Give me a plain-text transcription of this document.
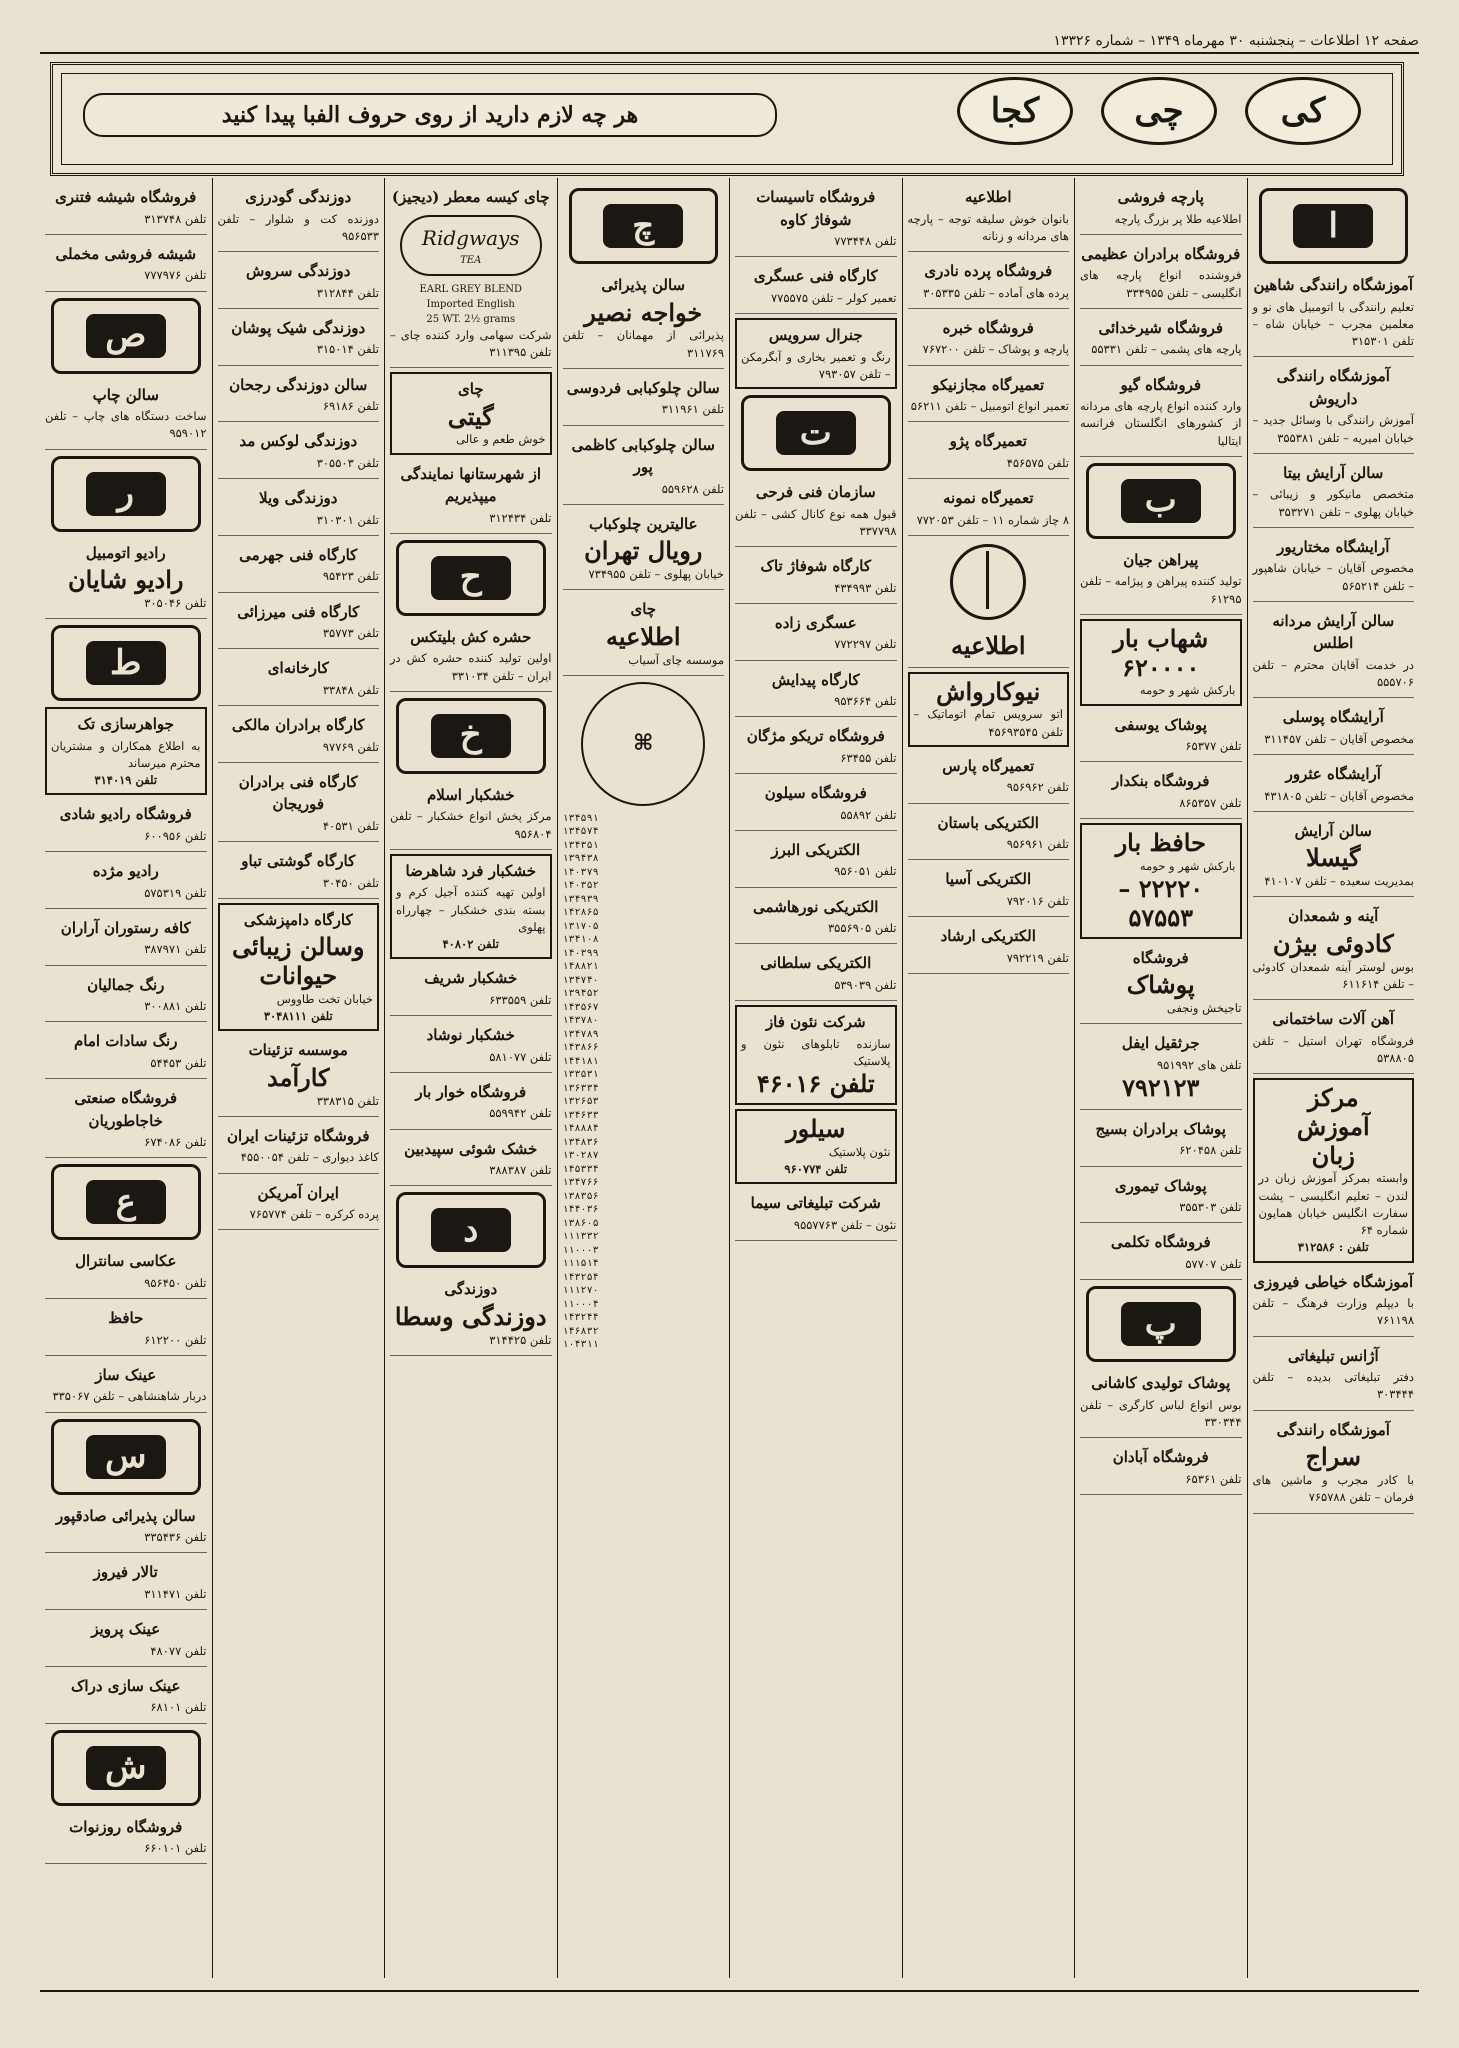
صفحه ۱۲ اطلاعات – پنجشنبه ۳۰ مهرماه ۱۳۴۹ – شماره ۱۳۳۲۶
کی
چی
کجا
هر چه لازم دارید از روی حروف الفبا پیدا کنید
ا
آموزشگاه رانندگی شاهین

تعلیم رانندگی با اتومبیل های نو و معلمین مجرب – خیابان شاه – تلفن ۳۱۵۳۰۱

آموزشگاه رانندگی داریوش

آموزش رانندگی با وسائل جدید – خیابان امیریه – تلفن ۳۵۵۳۸۱

سالن آرایش بیتا

متخصص مانیکور و زیبائی – خیابان پهلوی – تلفن ۳۵۳۲۷۱

آرایشگاه مختاریور

مخصوص آقایان – خیابان شاهپور – تلفن ۵۶۵۲۱۴

سالن آرایش مردانه اطلس

در خدمت آقایان محترم – تلفن ۵۵۵۷۰۶

آرایشگاه پوسلی

مخصوص آقایان – تلفن ۳۱۱۴۵۷

آرایشگاه عثرور

مخصوص آقایان – تلفن ۴۳۱۸۰۵

سالن آرایش
گیسلا

بمدیریت سعیده – تلفن ۴۱۰۱۰۷

آینه و شمعدان
کادوئی بیژن

بوس لوستر آینه شمعدان کادوئی – تلفن ۶۱۱۶۱۴

آهن آلات ساختمانی

فروشگاه تهران استیل – تلفن ۵۳۸۸۰۵

مرکز
آموزش
زبان

وابسته بمرکز آموزش زبان در لندن – تعلیم انگلیسی – پشت سفارت انگلیس خیابان همایون شماره ۶۴

تلفن : ۳۱۲۵۸۶
آموزشگاه خیاطی فیروزی

با دیپلم وزارت فرهنگ – تلفن ۷۶۱۱۹۸

آژانس تبلیغاتی

دفتر تبلیغاتی بدیده – تلفن ۳۰۳۴۴۴

آموزشگاه رانندگی
سراج

با کادر مجرب و ماشین های فرمان – تلفن ۷۶۵۷۸۸

پارچه فروشی

اطلاعیه طلا پر بزرگ پارچه

فروشگاه برادران عظیمی

فروشنده انواع پارچه های انگلیسی – تلفن ۳۳۴۹۵۵

فروشگاه شیرخدائی

پارچه های پشمی – تلفن ۵۵۳۳۱

فروشگاه گیو

وارد کننده انواع پارچه های مردانه از کشورهای انگلستان فرانسه ایتالیا

ب
پیراهن جیان

تولید کننده پیراهن و پیژامه – تلفن ۶۱۲۹۵

شهاب بار
۶۲۰۰۰۰

بارکش شهر و حومه

پوشاک یوسفی

تلفن ۶۵۳۷۷

فروشگاه بنکدار

تلفن ۸۶۵۳۵۷

حافظ بار

بارکش شهر و حومه

۲۲۲۲۰ – ۵۷۵۵۳
فروشگاه
پوشاک

تاجیخش ونجفی

جرثقیل ایفل

تلفن های ۹۵۱۹۹۲

۷۹۲۱۲۳
پوشاک برادران بسیج

تلفن ۶۲۰۴۵۸

پوشاک تیموری

تلفن ۳۵۵۳۰۳

فروشگاه تکلمی

تلفن ۵۷۷۰۷

پ
پوشاک تولیدی کاشانی

بوس انواع لباس کارگری – تلفن ۳۳۰۳۴۴

فروشگاه آبادان

تلفن ۶۵۳۶۱

اطلاعیه

بانوان خوش سلیقه توجه – پارچه های مردانه و زنانه

فروشگاه پرده نادری

پرده های آماده – تلفن ۳۰۵۳۳۵

فروشگاه خبره

پارچه و پوشاک – تلفن ۷۶۷۲۰۰

تعمیرگاه مجازنیکو

تعمیر انواع اتومبیل – تلفن ۵۶۲۱۱

تعمیرگاه پژو

تلفن ۴۵۶۵۷۵

تعمیرگاه نمونه

۸ چاز شماره ۱۱ – تلفن ۷۷۲۰۵۳

اطلاعیه
نیوکارواش

اتو سرویس تمام اتوماتیک – تلفن ۴۵۶۹۳۵۴۵

تعمیرگاه پارس

تلفن ۹۵۶۹۶۲

الکتریکی باستان

تلفن ۹۵۶۹۶۱

الکتریکی آسیا

تلفن ۷۹۲۰۱۶

الکتریکی ارشاد

تلفن ۷۹۲۲۱۹

فروشگاه تاسیسات شوفاژ کاوه

تلفن ۷۷۳۴۴۸

کارگاه فنی عسگری

تعمیر کولر – تلفن ۷۷۵۵۷۵

جنرال سرویس

رنگ و تعمیر بخاری و آبگرمکن – تلفن ۷۹۳۰۵۷

ت
سازمان فنی فرحی

قبول همه نوع کانال کشی – تلفن ۳۳۷۷۹۸

کارگاه شوفاژ تاک

تلفن ۴۳۴۹۹۳

عسگری زاده

تلفن ۷۷۲۲۹۷

کارگاه پیدایش

تلفن ۹۵۳۶۶۴

فروشگاه تریکو مژگان

تلفن ۶۳۴۵۵

فروشگاه سیلون

تلفن ۵۵۸۹۲

الکتریکی البرز

تلفن ۹۵۶۰۵۱

الکتریکی نورهاشمی

تلفن ۳۵۵۶۹۰۵

الکتریکی سلطانی

تلفن ۵۳۹۰۳۹

شرکت نئون فاز

سازنده تابلوهای نئون و پلاستیک

تلفن ۴۶۰۱۶
سیلور

نئون پلاستیک

تلفن ۹۶۰۷۷۴
شرکت تبلیغاتی سیما

نئون – تلفن ۹۵۵۷۷۶۳

چ
سالن پذیرائی
خواجه نصیر

پذیرائی از مهمانان – تلفن ۳۱۱۷۶۹

سالن چلوکبابی فردوسی

تلفن ۳۱۱۹۶۱

سالن چلوکبابی کاظمی پور

تلفن ۵۵۹۶۲۸

عالیترین چلوکباب
رویال تهران

خیابان پهلوی – تلفن ۷۳۴۹۵۵

چای
اطلاعیه

موسسه چای آسیاب

⌘
۱۳۴۵۹۱
۱۳۴۵۷۴
۱۳۴۳۵۱
۱۳۹۴۳۸
۱۴۰۳۷۹
۱۴۰۳۵۲
۱۳۴۹۳۹
۱۴۲۸۶۵
۱۳۱۷۰۵
۱۳۴۱۰۸
۱۴۰۳۹۹
۱۴۸۸۲۱
۱۳۴۷۴۰
۱۳۹۴۵۲
۱۴۳۵۶۷
۱۴۳۷۸۰
۱۳۴۷۸۹
۱۴۳۸۶۶
۱۴۴۱۸۱
۱۳۳۵۳۱
۱۳۶۳۳۴
۱۳۲۶۵۳
۱۳۴۶۳۳
۱۴۸۸۸۴
۱۳۴۸۳۶
۱۳۰۲۸۷
۱۴۵۳۳۴
۱۳۴۷۶۶
۱۳۸۳۵۶
۱۴۴۰۳۶
۱۳۸۶۰۵
۱۱۱۳۳۲
۱۱۰۰۰۳
۱۱۱۵۱۴
۱۴۳۲۵۴
۱۱۱۲۷۰
۱۱۰۰۰۴
۱۴۳۲۴۴
۱۴۶۸۳۲
۱۰۴۳۱۱
چای کیسه معطر (دیجیز)
Ridgways
TEA
EARL GREY BLEND
Imported English
25 WT. 2½ grams

شرکت سهامی وارد کننده چای – تلفن ۳۱۱۳۹۵

چای
گیتی

خوش طعم و عالی

از شهرستانها نمایندگی میپذیریم

تلفن ۳۱۲۴۳۴

ح
حشره کش بلیتکس

اولین تولید کننده حشره کش در ایران – تلفن ۳۳۱۰۳۴

خ
خشکبار اسلام

مرکز پخش انواع خشکبار – تلفن ۹۵۶۸۰۴

خشکبار فرد شاهرضا

اولین تهیه کننده آجیل کرم و بسته بندی خشکبار – چهارراه پهلوی

تلفن ۴۰۸۰۲
خشکبار شریف

تلفن ۶۳۳۵۵۹

خشکبار نوشاد

تلفن ۵۸۱۰۷۷

فروشگاه خوار بار

تلفن ۵۵۹۹۴۲

خشک شوئی سپیدبین

تلفن ۳۸۸۳۸۷

د
دوزندگی
دوزندگی وسطا

تلفن ۳۱۴۴۲۵

دوزندگی گودرزی

دوزنده کت و شلوار – تلفن ۹۵۶۵۳۳

دوزندگی سروش

تلفن ۳۱۲۸۴۴

دوزندگی شیک پوشان

تلفن ۳۱۵۰۱۴

سالن دوزندگی رجحان

تلفن ۶۹۱۸۶

دوزندگی لوکس مد

تلفن ۳۰۵۵۰۳

دوزندگی ویلا

تلفن ۳۱۰۳۰۱

کارگاه فنی جهرمی

تلفن ۹۵۴۲۳

کارگاه فنی میرزائی

تلفن ۳۵۷۷۳

کارخانه‌ای

تلفن ۳۳۸۴۸

کارگاه برادران مالکی

تلفن ۹۷۷۶۹

کارگاه فنی برادران فوریجان

تلفن ۴۰۵۳۱

کارگاه گوشتی تباو

تلفن ۳۰۴۵۰

کارگاه دامپزشکی
وسالن زیبائی حیوانات

خیابان تخت طاووس

تلفن ۳۰۴۸۱۱۱
موسسه تزئینات
کارآمد

تلفن ۳۳۸۳۱۵

فروشگاه تزئینات ایران

کاغذ دیواری – تلفن ۴۵۵۰۰۵۴

ایران آمریکن

پرده کرکره – تلفن ۷۶۵۷۷۴

فروشگاه شیشه فتنری

تلفن ۳۱۳۷۴۸

شیشه فروشی مخملی

تلفن ۷۷۷۹۷۶

ص
سالن چاپ

ساخت دستگاه های چاپ – تلفن ۹۵۹۰۱۲

ر
رادیو اتومبیل
رادیو شایان

تلفن ۳۰۵۰۴۶

ط
جواهرسازی تک

به اطلاع همکاران و مشتریان محترم میرساند

تلفن ۳۱۴۰۱۹
فروشگاه رادیو شادی

تلفن ۶۰۰۹۵۶

رادیو مژده

تلفن ۵۷۵۳۱۹

کافه رستوران آراران

تلفن ۳۸۷۹۷۱

رنگ جمالیان

تلفن ۳۰۰۸۸۱

رنگ سادات امام

تلفن ۵۴۴۵۳

فروشگاه صنعتی خاجاطوریان

تلفن ۶۷۴۰۸۶

ع
عکاسی سانترال

تلفن ۹۵۶۴۵۰

حافظ

تلفن ۶۱۲۲۰۰

عینک ساز

دربار شاهنشاهی – تلفن ۳۳۵۰۶۷

س
سالن پذیرائی صادقپور

تلفن ۳۳۵۴۳۶

تالار فیروز

تلفن ۳۱۱۴۷۱

عینک پرویز

تلفن ۴۸۰۷۷

عینک سازی دراک

تلفن ۶۸۱۰۱

ش
فروشگاه روزنوات

تلفن ۶۶۰۱۰۱
